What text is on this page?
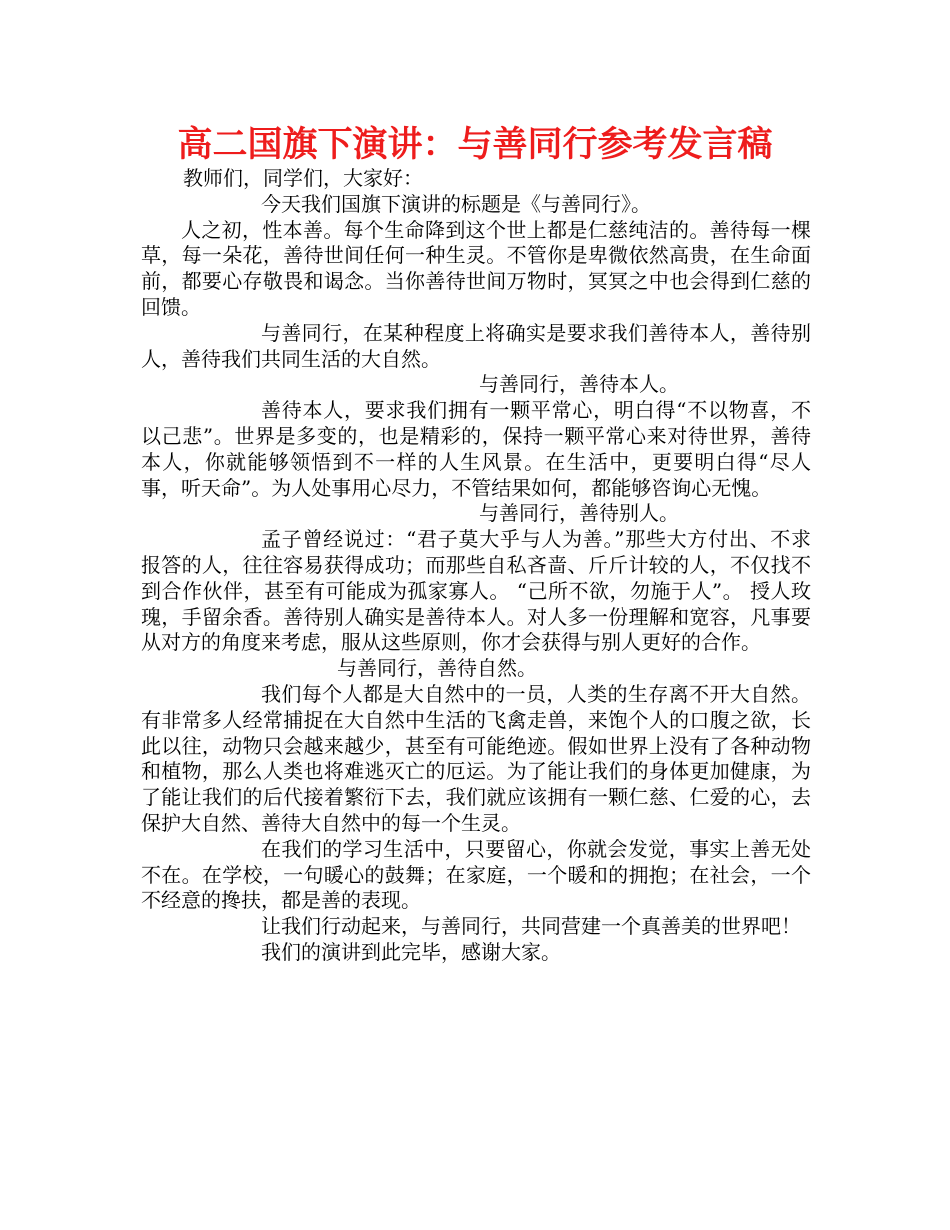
高二国旗下演讲：与善同行参考发言稿

教师们，同学们，大家好：

今天我们国旗下演讲的标题是《与善同行》。

人之初，性本善。每个生命降到这个世上都是仁慈纯洁的。善待每一棵草，每一朵花，善待世间任何一种生灵。不管你是卑微依然高贵，在生命面前，都要心存敬畏和谒念。当你善待世间万物时，冥冥之中也会得到仁慈的回馈。

与善同行，在某种程度上将确实是要求我们善待本人，善待别人，善待我们共同生活的大自然。

与善同行，善待本人。

善待本人，要求我们拥有一颗平常心，明白得“不以物喜，不以己悲”。世界是多变的，也是精彩的，保持一颗平常心来对待世界，善待本人，你就能够领悟到不一样的人生风景。在生活中，更要明白得“尽人事，听天命”。为人处事用心尽力，不管结果如何，都能够咨询心无愧。

与善同行，善待别人。

孟子曾经说过：“君子莫大乎与人为善。”那些大方付出、不求报答的人，往往容易获得成功；而那些自私吝啬、斤斤计较的人，不仅找不到合作伙伴，甚至有可能成为孤家寡人。 “己所不欲，勿施于人”。 授人玫瑰，手留余香。善待别人确实是善待本人。对人多一份理解和宽容，凡事要从对方的角度来考虑，服从这些原则，你才会获得与别人更好的合作。

与善同行，善待自然。

我们每个人都是大自然中的一员，人类的生存离不开大自然。有非常多人经常捕捉在大自然中生活的飞禽走兽，来饱个人的口腹之欲，长此以往，动物只会越来越少，甚至有可能绝迹。假如世界上没有了各种动物和植物，那么人类也将难逃灭亡的厄运。为了能让我们的身体更加健康，为了能让我们的后代接着繁衍下去，我们就应该拥有一颗仁慈、仁爱的心，去保护大自然、善待大自然中的每一个生灵。

在我们的学习生活中，只要留心，你就会发觉，事实上善无处不在。在学校，一句暖心的鼓舞；在家庭，一个暖和的拥抱；在社会，一个不经意的搀扶，都是善的表现。

让我们行动起来，与善同行，共同营建一个真善美的世界吧！

我们的演讲到此完毕，感谢大家。
